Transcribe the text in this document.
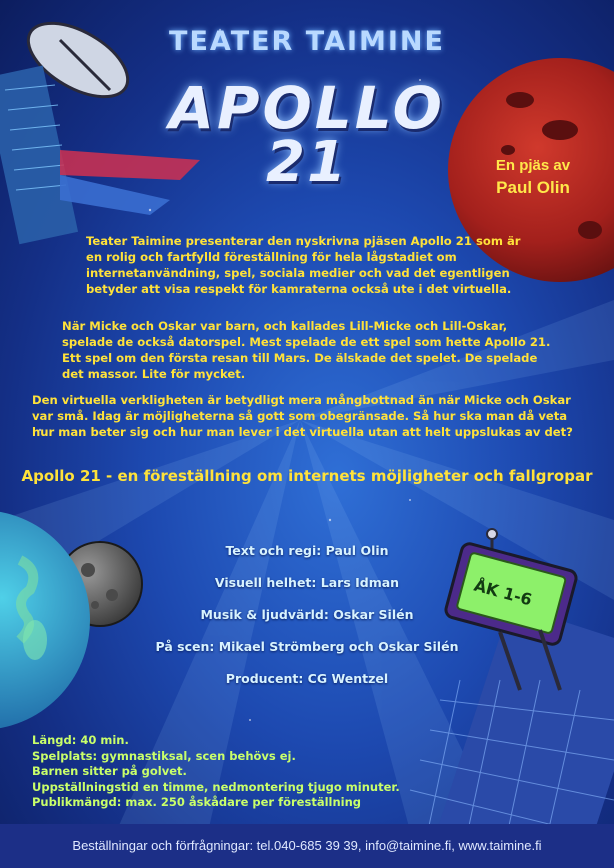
TEATER TAIMINE
APOLLO
21	En pjäs av
Paul Olin
Teater Taimine presenterar den nyskrivna pjäsen Apollo 21 som är en rolig och fartfylld föreställning för hela lågstadiet om internetanvändning, spel, sociala medier och vad det egentligen betyder att visa respekt för kamraterna också ute i det virtuella.
När Micke och Oskar var barn, och kallades Lill-Micke och Lill-Oskar, spelade de också datorspel. Mest spelade de ett spel som hette Apollo 21. Ett spel om den första resan till Mars. De älskade det spelet. De spelade det massor. Lite för mycket.
Den virtuella verkligheten är betydligt mera mångbottnad än när Micke och Oskar var små. Idag är möjligheterna så gott som obegränsade. Så hur ska man då veta hur man beter sig och hur man lever i det virtuella utan att helt uppslukas av det?
Apollo 21 - en föreställning om internets möjligheter och fallgropar
Text och regi: Paul Olin
Visuell helhet: Lars Idman
Musik & ljudvärld: Oskar Silén
På scen: Mikael Strömberg och Oskar Silén
Producent: CG Wentzel
ÅK 1-6
Längd: 40 min.
Spelplats: gymnastiksal, scen behövs ej.
Barnen sitter på golvet.
Uppställningstid en timme, nedmontering tjugo minuter.
Publikmängd: max. 250 åskådare per föreställning
Beställningar och förfrågningar: tel.040-685 39 39, info@taimine.fi, www.taimine.fi
